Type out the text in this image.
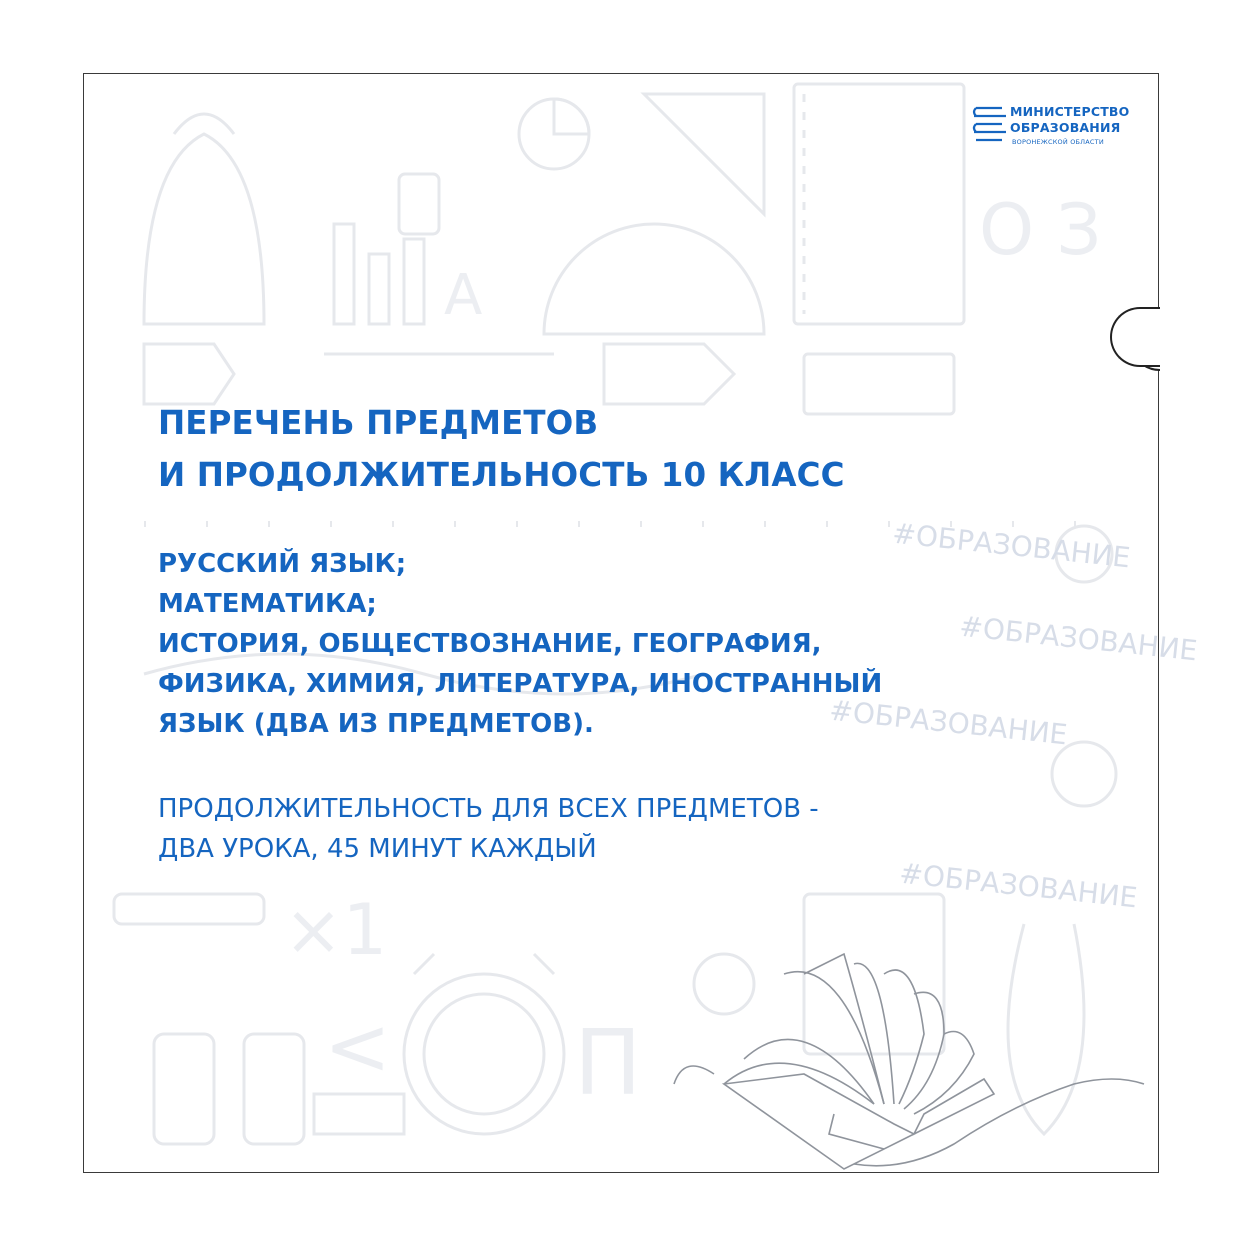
A
О З
×1
П
<
МИНИСТЕРСТВО
ОБРАЗОВАНИЯ
ВОРОНЕЖСКОЙ ОБЛАСТИ
#ОБРАЗОВАНИЕ
#ОБРАЗОВАНИЕ
#ОБРАЗОВАНИЕ
#ОБРАЗОВАНИЕ
ПЕРЕЧЕНЬ ПРЕДМЕТОВ
И ПРОДОЛЖИТЕЛЬНОСТЬ 10 КЛАСС
РУССКИЙ ЯЗЫК;
МАТЕМАТИКА;
ИСТОРИЯ, ОБЩЕСТВОЗНАНИЕ, ГЕОГРАФИЯ,
ФИЗИКА, ХИМИЯ, ЛИТЕРАТУРА, ИНОСТРАННЫЙ
ЯЗЫК (ДВА ИЗ ПРЕДМЕТОВ).
ПРОДОЛЖИТЕЛЬНОСТЬ ДЛЯ ВСЕХ ПРЕДМЕТОВ -
ДВА УРОКА, 45 МИНУТ КАЖДЫЙ
